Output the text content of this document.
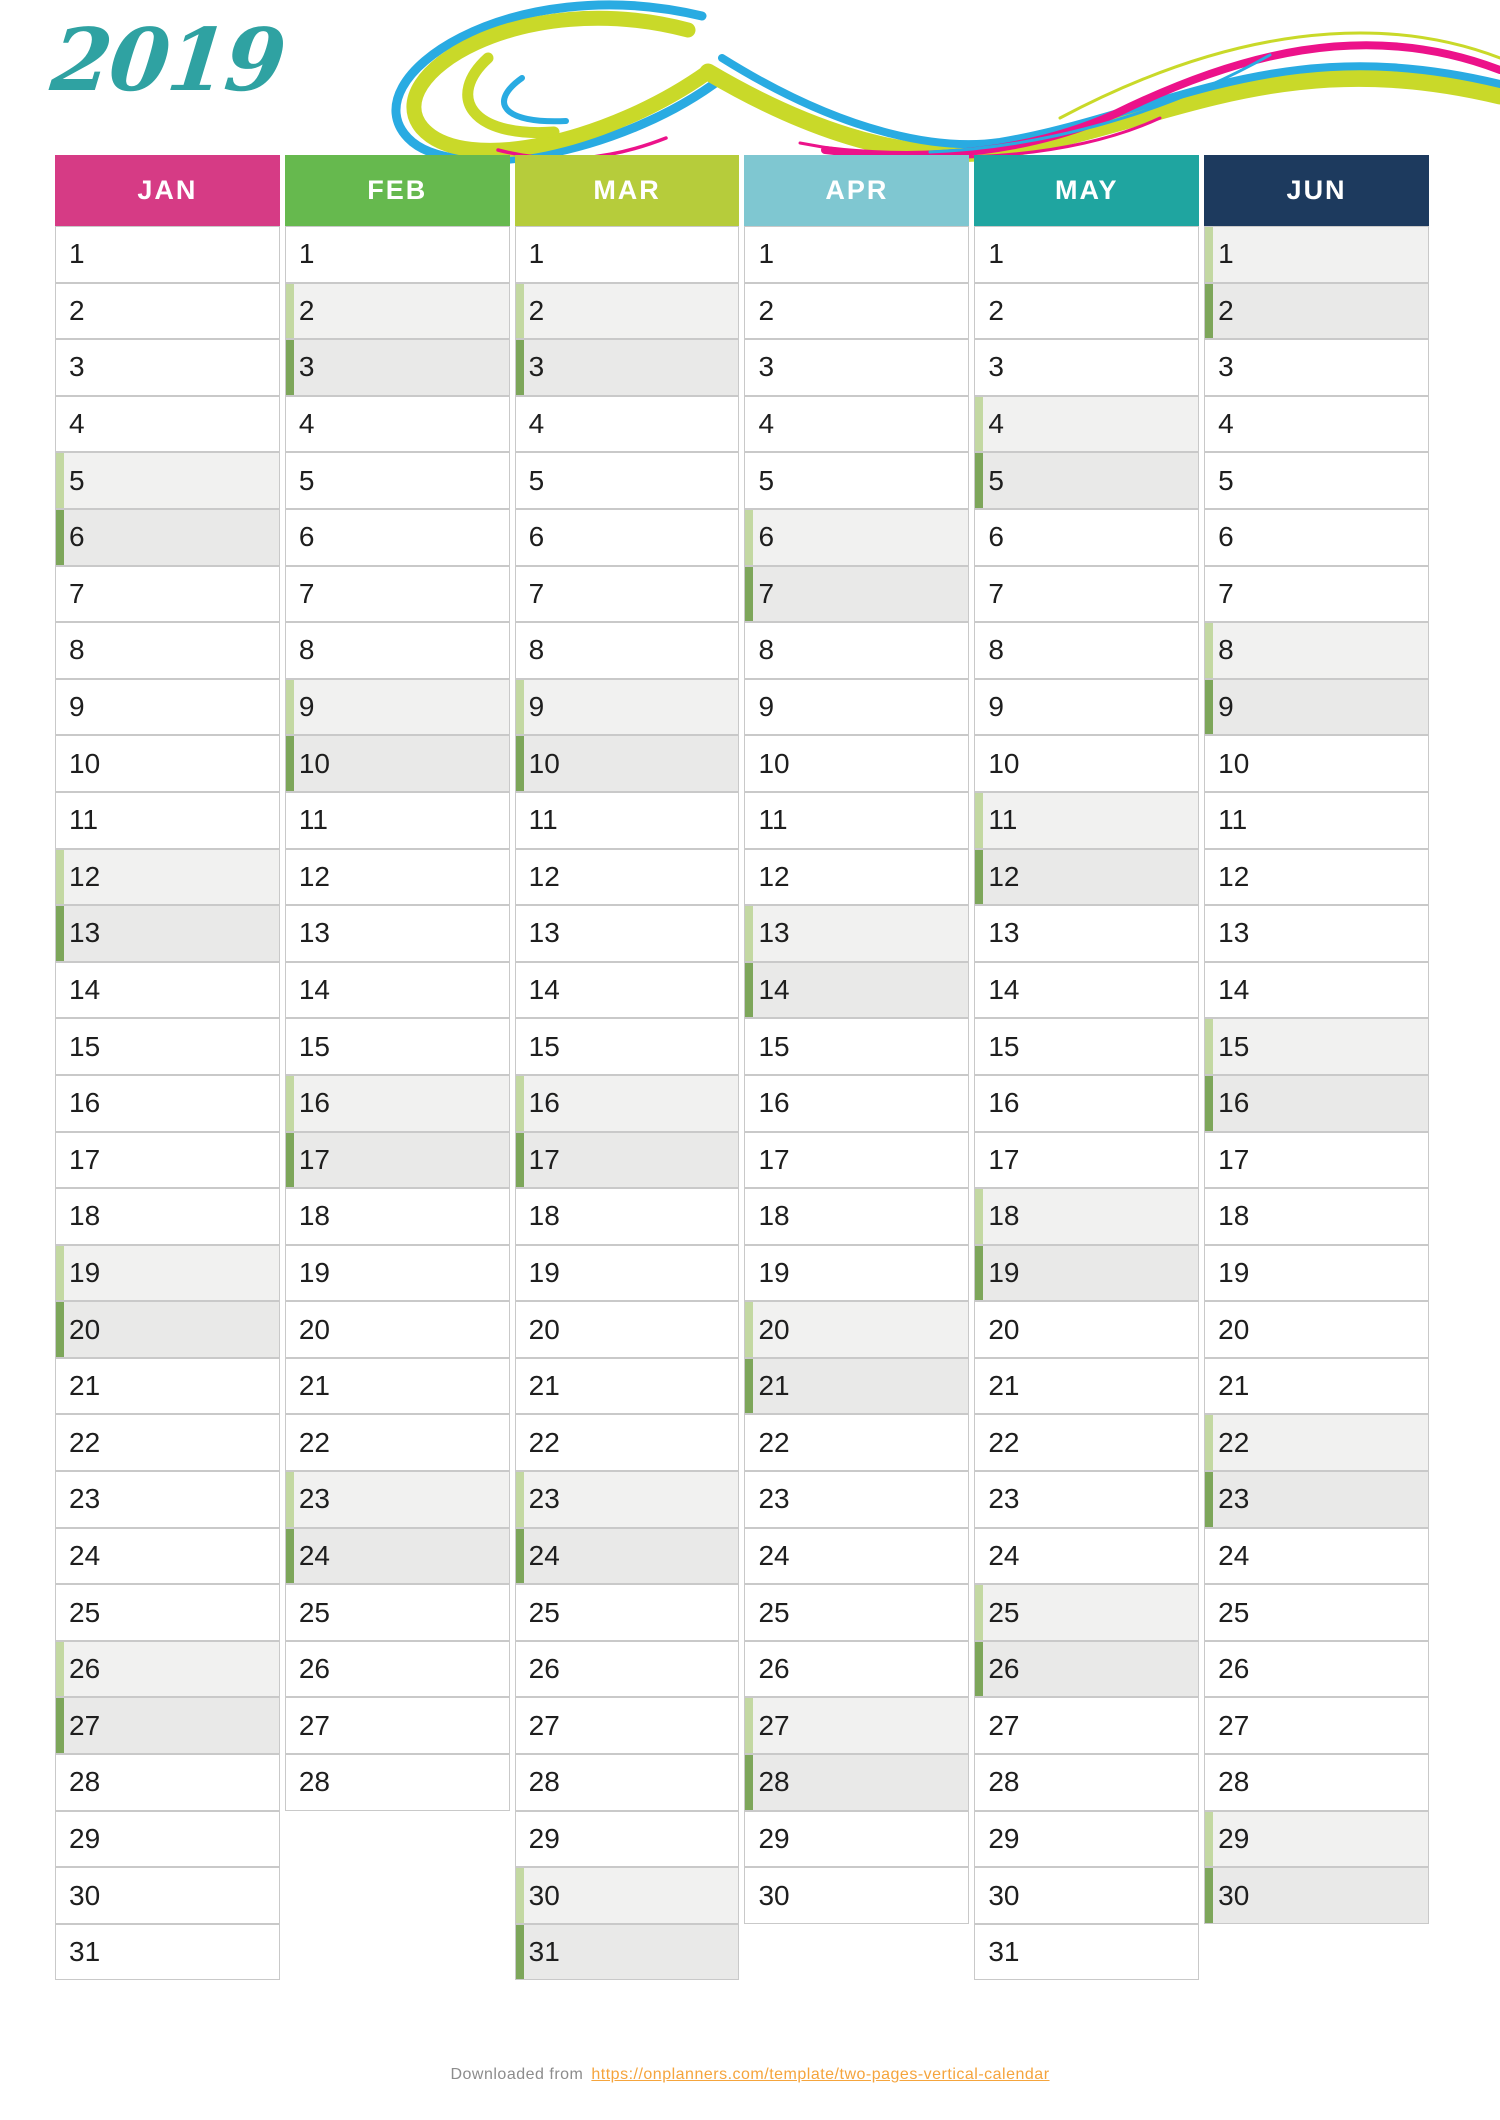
2019
JAN
1
2
3
4
5
6
7
8
9
10
11
12
13
14
15
16
17
18
19
20
21
22
23
24
25
26
27
28
29
30
31
FEB
1
2
3
4
5
6
7
8
9
10
11
12
13
14
15
16
17
18
19
20
21
22
23
24
25
26
27
28
MAR
1
2
3
4
5
6
7
8
9
10
11
12
13
14
15
16
17
18
19
20
21
22
23
24
25
26
27
28
29
30
31
APR
1
2
3
4
5
6
7
8
9
10
11
12
13
14
15
16
17
18
19
20
21
22
23
24
25
26
27
28
29
30
MAY
1
2
3
4
5
6
7
8
9
10
11
12
13
14
15
16
17
18
19
20
21
22
23
24
25
26
27
28
29
30
31
JUN
1
2
3
4
5
6
7
8
9
10
11
12
13
14
15
16
17
18
19
20
21
22
23
24
25
26
27
28
29
30
Downloaded from https://onplanners.com/template/two-pages-vertical-calendar
